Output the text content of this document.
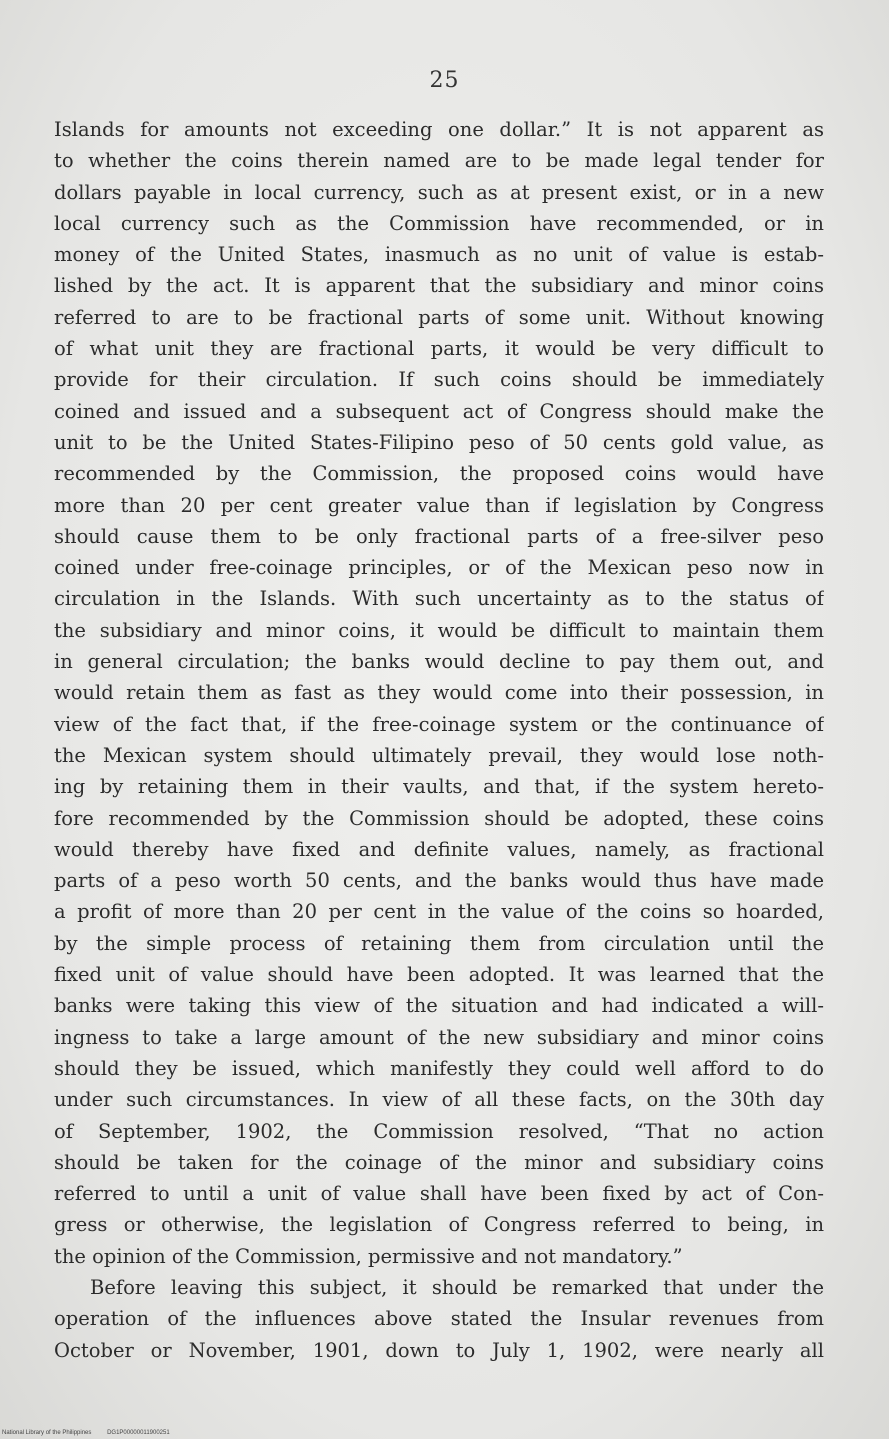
25
Islands for amounts not exceeding one dollar.” It is not apparent as
to whether the coins therein named are to be made legal tender for
dollars payable in local currency, such as at present exist, or in a new
local currency such as the Commission have recommended, or in
money of the United States, inasmuch as no unit of value is estab-
lished by the act. It is apparent that the subsidiary and minor coins
referred to are to be fractional parts of some unit. Without knowing
of what unit they are fractional parts, it would be very difficult to
provide for their circulation. If such coins should be immediately
coined and issued and a subsequent act of Congress should make the
unit to be the United States-Filipino peso of 50 cents gold value, as
recommended by the Commission, the proposed coins would have
more than 20 per cent greater value than if legislation by Congress
should cause them to be only fractional parts of a free-silver peso
coined under free-coinage principles, or of the Mexican peso now in
circulation in the Islands. With such uncertainty as to the status of
the subsidiary and minor coins, it would be difficult to maintain them
in general circulation; the banks would decline to pay them out, and
would retain them as fast as they would come into their possession, in
view of the fact that, if the free-coinage system or the continuance of
the Mexican system should ultimately prevail, they would lose noth-
ing by retaining them in their vaults, and that, if the system hereto-
fore recommended by the Commission should be adopted, these coins
would thereby have fixed and definite values, namely, as fractional
parts of a peso worth 50 cents, and the banks would thus have made
a profit of more than 20 per cent in the value of the coins so hoarded,
by the simple process of retaining them from circulation until the
fixed unit of value should have been adopted. It was learned that the
banks were taking this view of the situation and had indicated a will-
ingness to take a large amount of the new subsidiary and minor coins
should they be issued, which manifestly they could well afford to do
under such circumstances. In view of all these facts, on the 30th day
of September, 1902, the Commission resolved, “That no action
should be taken for the coinage of the minor and subsidiary coins
referred to until a unit of value shall have been fixed by act of Con-
gress or otherwise, the legislation of Congress referred to being, in
the opinion of the Commission, permissive and not mandatory.”
Before leaving this subject, it should be remarked that under the
operation of the influences above stated the Insular revenues from
October or November, 1901, down to July 1, 1902, were nearly all
National Library of the Philippines	DG1P00000011900251
